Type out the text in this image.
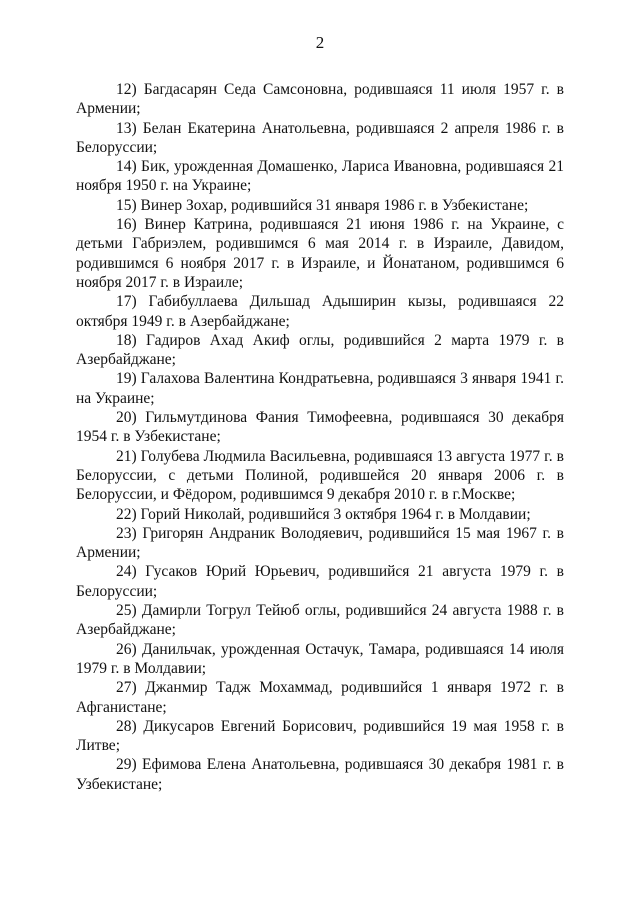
2

12) Багдасарян Седа Самсоновна, родившаяся 11 июля 1957 г. в Армении;

13) Белан Екатерина Анатольевна, родившаяся 2 апреля 1986 г. в Белоруссии;

14) Бик, урожденная Домашенко, Лариса Ивановна, родившаяся 21 ноября 1950 г. на Украине;

15) Винер Зохар, родившийся 31 января 1986 г. в Узбекистане;

16) Винер Катрина, родившаяся 21 июня 1986 г. на Украине, с детьми Габриэлем, родившимся 6 мая 2014 г. в Израиле, Давидом, родившимся 6 ноября 2017 г. в Израиле, и Йонатаном, родившимся 6 ноября 2017 г. в Израиле;

17) Габибуллаева Дильшад Адыширин кызы, родившаяся 22 октября 1949 г. в Азербайджане;

18) Гадиров Ахад Акиф оглы, родившийся 2 марта 1979 г. в Азербайджане;

19) Галахова Валентина Кондратьевна, родившаяся 3 января 1941 г. на Украине;

20) Гильмутдинова Фания Тимофеевна, родившаяся 30 декабря 1954 г. в Узбекистане;

21) Голубева Людмила Васильевна, родившаяся 13 августа 1977 г. в Белоруссии, с детьми Полиной, родившейся 20 января 2006 г. в Белоруссии, и Фёдором, родившимся 9 декабря 2010 г. в г.Москве;

22) Горий Николай, родившийся 3 октября 1964 г. в Молдавии;

23) Григорян Андраник Володяевич, родившийся 15 мая 1967 г. в Армении;

24) Гусаков Юрий Юрьевич, родившийся 21 августа 1979 г. в Белоруссии;

25) Дамирли Тогрул Тейюб оглы, родившийся 24 августа 1988 г. в Азербайджане;

26) Данильчак, урожденная Остачук, Тамара, родившаяся 14 июля 1979 г. в Молдавии;

27) Джанмир Тадж Мохаммад, родившийся 1 января 1972 г. в Афганистане;

28) Дикусаров Евгений Борисович, родившийся 19 мая 1958 г. в Литве;

29) Ефимова Елена Анатольевна, родившаяся 30 декабря 1981 г. в Узбекистане;
